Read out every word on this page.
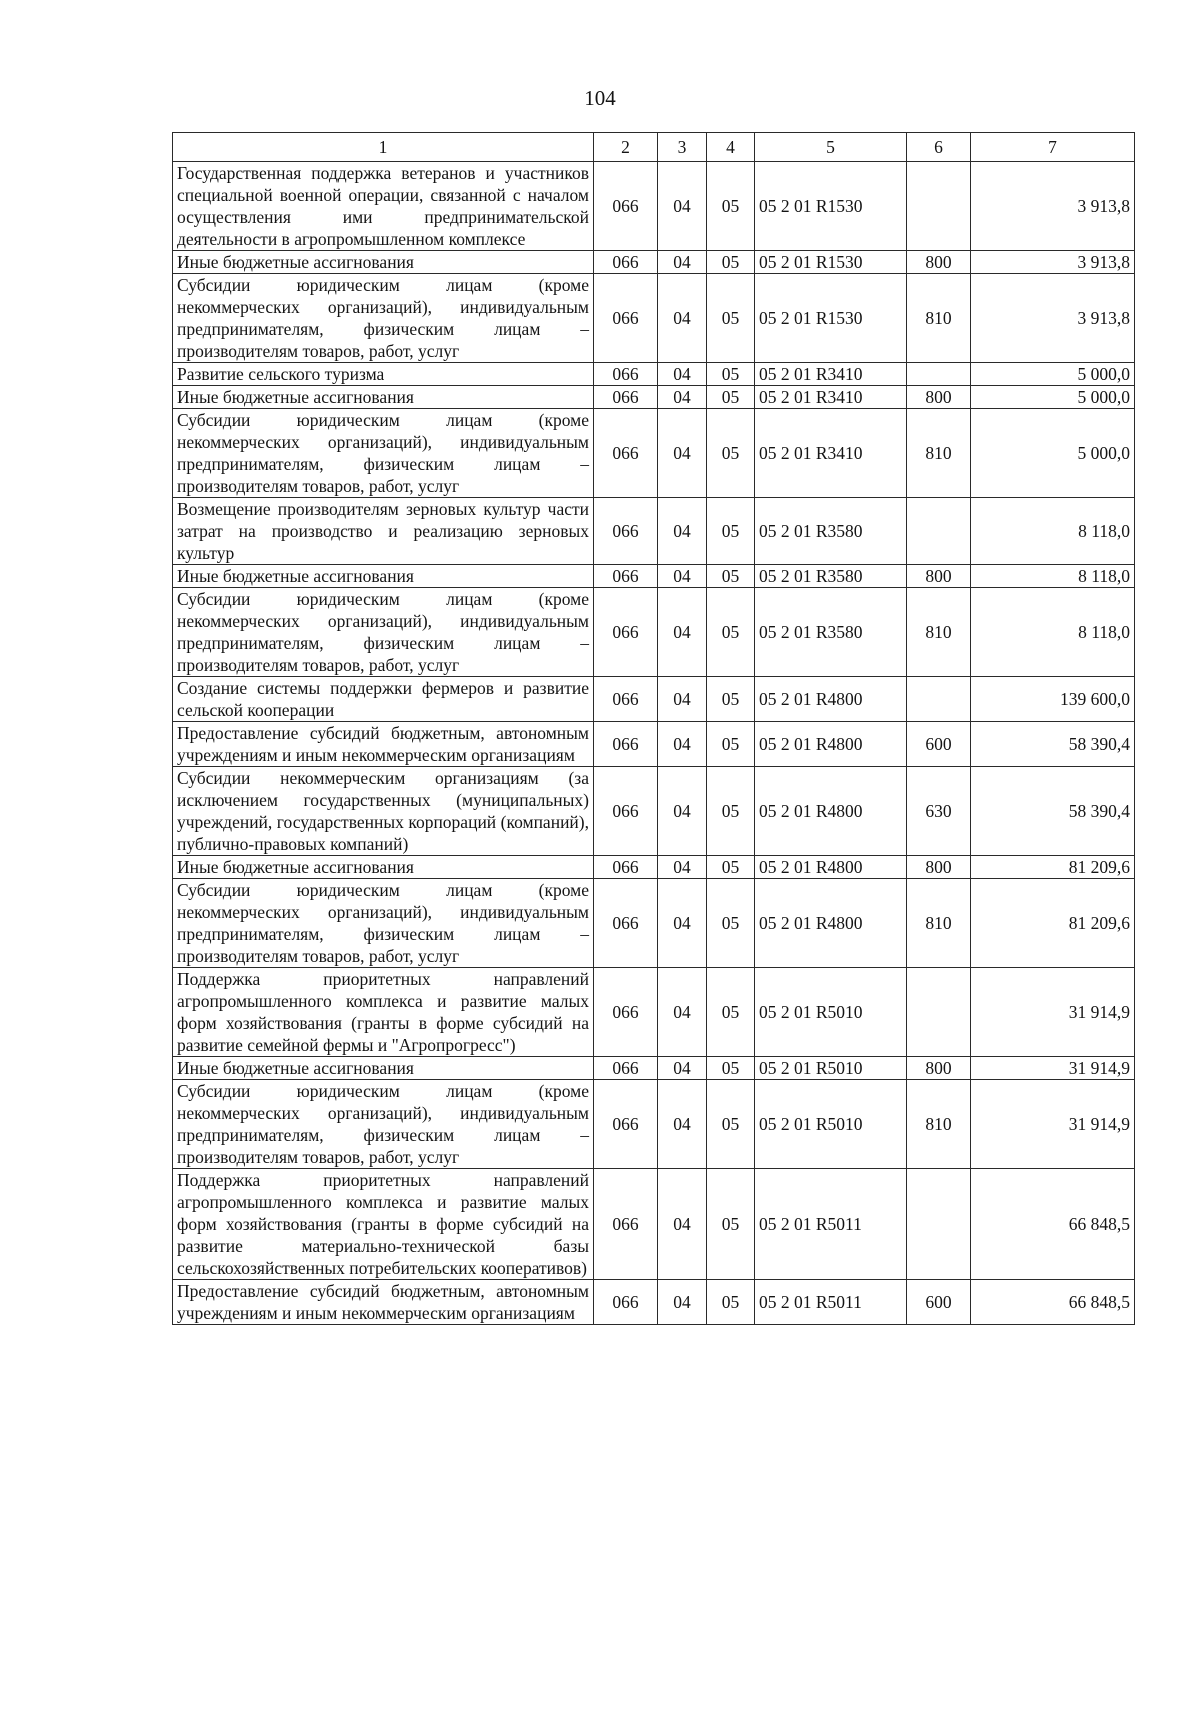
104
1	2	3	4	5	6	7
Государственная поддержка ветеранов и участников специальной военной операции, связанной с началом осуществления ими предпринимательской деятельности в агропромышленном комплексе	066	04	05	05 2 01 R1530		3 913,8
Иные бюджетные ассигнования	066	04	05	05 2 01 R1530	800	3 913,8
Субсидии юридическим лицам (кроме некоммерческих организаций), индивидуальным предпринимателям, физическим лицам – производителям товаров, работ, услуг	066	04	05	05 2 01 R1530	810	3 913,8
Развитие сельского туризма	066	04	05	05 2 01 R3410		5 000,0
Иные бюджетные ассигнования	066	04	05	05 2 01 R3410	800	5 000,0
Субсидии юридическим лицам (кроме некоммерческих организаций), индивидуальным предпринимателям, физическим лицам – производителям товаров, работ, услуг	066	04	05	05 2 01 R3410	810	5 000,0
Возмещение производителям зерновых культур части затрат на производство и реализацию зерновых культур	066	04	05	05 2 01 R3580		8 118,0
Иные бюджетные ассигнования	066	04	05	05 2 01 R3580	800	8 118,0
Субсидии юридическим лицам (кроме некоммерческих организаций), индивидуальным предпринимателям, физическим лицам – производителям товаров, работ, услуг	066	04	05	05 2 01 R3580	810	8 118,0
Создание системы поддержки фермеров и развитие сельской кооперации	066	04	05	05 2 01 R4800		139 600,0
Предоставление субсидий бюджетным, автономным учреждениям и иным некоммерческим организациям	066	04	05	05 2 01 R4800	600	58 390,4
Субсидии некоммерческим организациям (за исключением государственных (муниципальных) учреждений, государственных корпораций (компаний), публично-правовых компаний)	066	04	05	05 2 01 R4800	630	58 390,4
Иные бюджетные ассигнования	066	04	05	05 2 01 R4800	800	81 209,6
Субсидии юридическим лицам (кроме некоммерческих организаций), индивидуальным предпринимателям, физическим лицам – производителям товаров, работ, услуг	066	04	05	05 2 01 R4800	810	81 209,6
Поддержка приоритетных направлений агропромышленного комплекса и развитие малых форм хозяйствования (гранты в форме субсидий на развитие семейной фермы и "Агропрогресс")	066	04	05	05 2 01 R5010		31 914,9
Иные бюджетные ассигнования	066	04	05	05 2 01 R5010	800	31 914,9
Субсидии юридическим лицам (кроме некоммерческих организаций), индивидуальным предпринимателям, физическим лицам – производителям товаров, работ, услуг	066	04	05	05 2 01 R5010	810	31 914,9
Поддержка приоритетных направлений агропромышленного комплекса и развитие малых форм хозяйствования (гранты в форме субсидий на развитие материально-технической базы сельскохозяйственных потребительских кооперативов)	066	04	05	05 2 01 R5011		66 848,5
Предоставление субсидий бюджетным, автономным учреждениям и иным некоммерческим организациям	066	04	05	05 2 01 R5011	600	66 848,5
